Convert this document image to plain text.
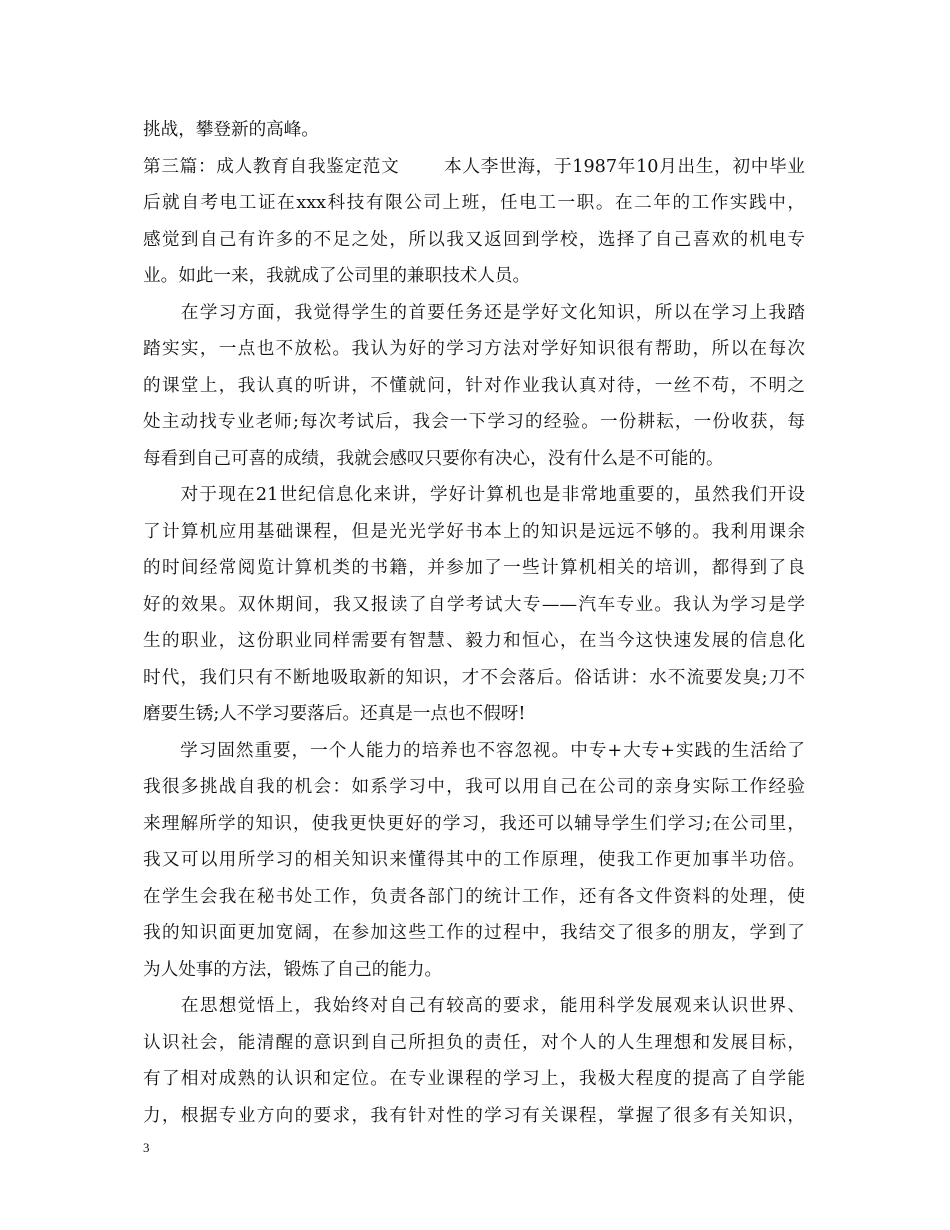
挑战，攀登新的高峰。
第三篇：成人教育自我鉴定范文	本人李世海，于1987年10月出生，初中毕业
后就自考电工证在xxx科技有限公司上班，任电工一职。在二年的工作实践中，
感觉到自己有许多的不足之处，所以我又返回到学校，选择了自己喜欢的机电专
业。如此一来，我就成了公司里的兼职技术人员。
　　在学习方面，我觉得学生的首要任务还是学好文化知识，所以在学习上我踏
踏实实，一点也不放松。我认为好的学习方法对学好知识很有帮助，所以在每次
的课堂上，我认真的听讲，不懂就问，针对作业我认真对待，一丝不苟，不明之
处主动找专业老师;每次考试后，我会一下学习的经验。一份耕耘，一份收获，每
每看到自己可喜的成绩，我就会感叹只要你有决心，没有什么是不可能的。
　　对于现在21世纪信息化来讲，学好计算机也是非常地重要的，虽然我们开设
了计算机应用基础课程，但是光光学好书本上的知识是远远不够的。我利用课余
的时间经常阅览计算机类的书籍，并参加了一些计算机相关的培训，都得到了良
好的效果。双休期间，我又报读了自学考试大专——汽车专业。我认为学习是学
生的职业，这份职业同样需要有智慧、毅力和恒心，在当今这快速发展的信息化
时代，我们只有不断地吸取新的知识，才不会落后。俗话讲：水不流要发臭;刀不
磨要生锈;人不学习要落后。还真是一点也不假呀!
　　学习固然重要，一个人能力的培养也不容忽视。中专+大专+实践的生活给了
我很多挑战自我的机会：如系学习中，我可以用自己在公司的亲身实际工作经验
来理解所学的知识，使我更快更好的学习，我还可以辅导学生们学习;在公司里，
我又可以用所学习的相关知识来懂得其中的工作原理，使我工作更加事半功倍。
在学生会我在秘书处工作，负责各部门的统计工作，还有各文件资料的处理，使
我的知识面更加宽阔，在参加这些工作的过程中，我结交了很多的朋友，学到了
为人处事的方法，锻炼了自己的能力。
　　在思想觉悟上，我始终对自己有较高的要求，能用科学发展观来认识世界、
认识社会，能清醒的意识到自己所担负的责任，对个人的人生理想和发展目标，
有了相对成熟的认识和定位。在专业课程的学习上，我极大程度的提高了自学能
力，根据专业方向的要求，我有针对性的学习有关课程，掌握了很多有关知识，
3
